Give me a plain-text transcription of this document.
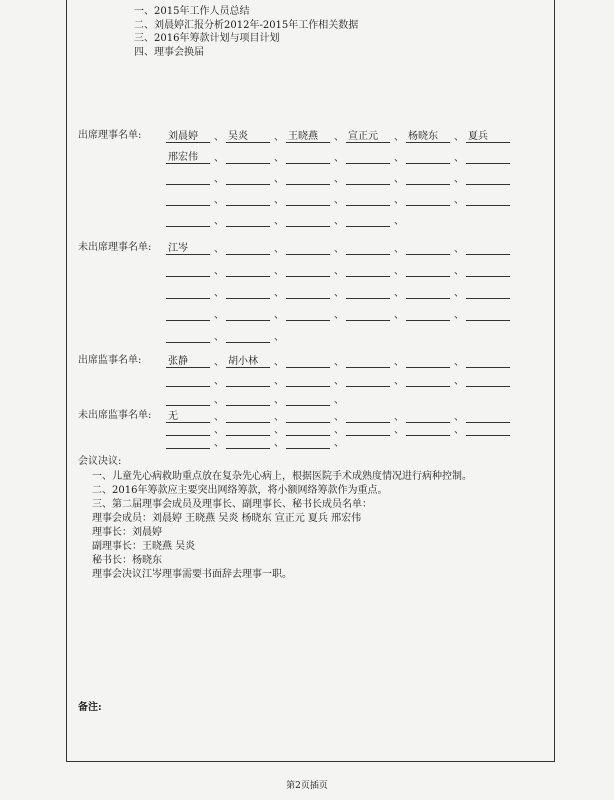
一、2015年工作人员总结
二、刘晨婷汇报分析2012年-2015年工作相关数据
三、2016年筹款计划与项目计划
四、理事会换届
出席理事名单:
未出席理事名单:
出席监事名单:
未出席监事名单:
刘晨婷	、 吴炎	、 王晓燕	、 宣正元	、 杨晓东	、 夏兵
邢宏伟	、	、	、	、	、
、	、	、	、	、
、	、	、	、	、
、	、	、	、
江岑	、	、	、	、	、
、	、	、	、	、
、	、	、	、	、
、	、	、	、	、
、	、
张静	、 胡小林	、	、	、	、
、	、	、	、	、
、	、	、
无	、	、	、	、	、
、	、	、	、	、
、	、	、
会议决议:
一、儿童先心病救助重点放在复杂先心病上，根据医院手术成熟度情况进行病种控制。
二、2016年筹款应主要突出网络筹款，将小额网络筹款作为重点。
三、第二届理事会成员及理事长、副理事长、秘书长成员名单：
理事会成员：刘晨婷 王晓燕 吴炎 杨晓东 宣正元 夏兵 邢宏伟
理事长：刘晨婷
副理事长：王晓燕 吴炎
秘书长：杨晓东
理事会决议江岑理事需要书面辞去理事一职。
备注:
第2页插页
